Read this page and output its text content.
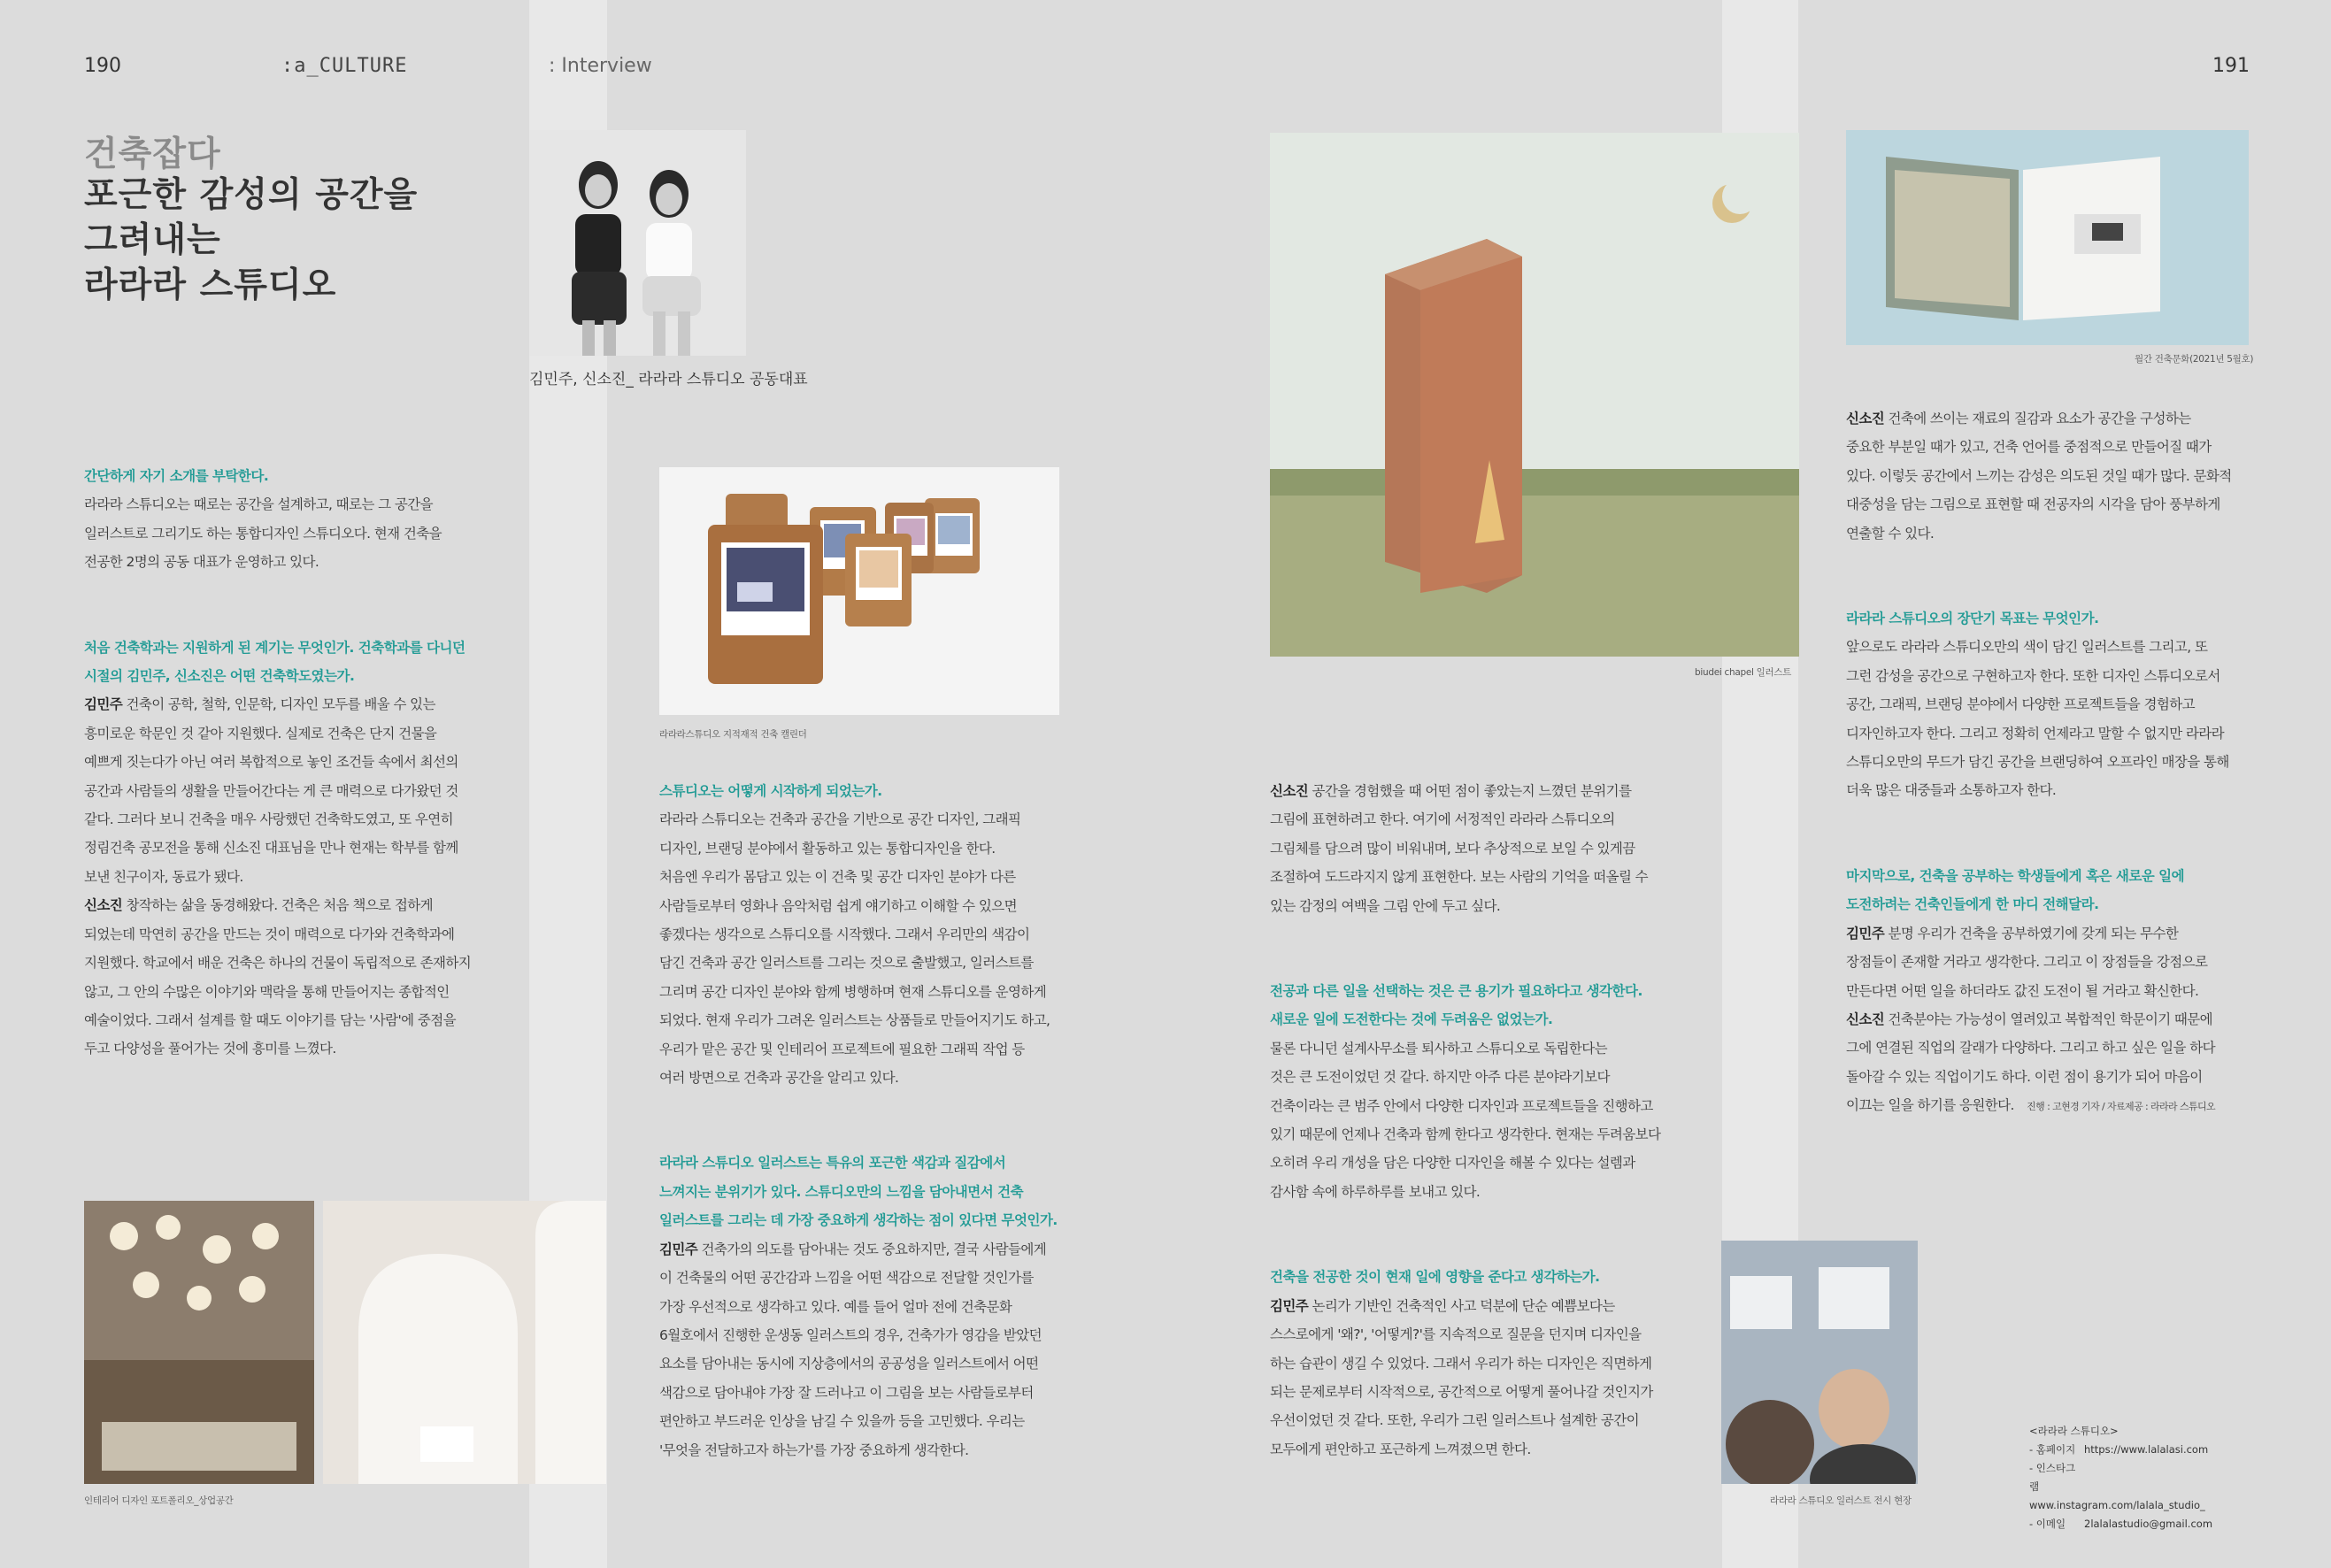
190	:a_CULTURE	: Interview	191
건축잡다
포근한 감성의 공간을
그려내는
라라라 스튜디오
김민주, 신소진_ 라라라 스튜디오 공동대표
라라라스튜디오 지적재적 건축 캘린더
biudei chapel 일러스트
월간 건축문화(2021년 5월호)
인테리어 디자인 포트폴리오_상업공간	라라라 스튜디오 일러스트 전시 현장
간단하게 자기 소개를 부탁한다.
라라라 스튜디오는 때로는 공간을 설계하고, 때로는 그 공간을
일러스트로 그리기도 하는 통합디자인 스튜디오다. 현재 건축을
전공한 2명의 공동 대표가 운영하고 있다.
처음 건축학과는 지원하게 된 계기는 무엇인가. 건축학과를 다니던
시절의 김민주, 신소진은 어떤 건축학도였는가.
김민주 건축이 공학, 철학, 인문학, 디자인 모두를 배울 수 있는
흥미로운 학문인 것 같아 지원했다. 실제로 건축은 단지 건물을
예쁘게 짓는다가 아닌 여러 복합적으로 놓인 조건들 속에서 최선의
공간과 사람들의 생활을 만들어간다는 게 큰 매력으로 다가왔던 것
같다. 그러다 보니 건축을 매우 사랑했던 건축학도였고, 또 우연히
정림건축 공모전을 통해 신소진 대표님을 만나 현재는 학부를 함께
보낸 친구이자, 동료가 됐다.
신소진 창작하는 삶을 동경해왔다. 건축은 처음 책으로 접하게
되었는데 막연히 공간을 만드는 것이 매력으로 다가와 건축학과에
지원했다. 학교에서 배운 건축은 하나의 건물이 독립적으로 존재하지
않고, 그 안의 수많은 이야기와 맥락을 통해 만들어지는 종합적인
예술이었다. 그래서 설계를 할 때도 이야기를 담는 '사람'에 중점을
두고 다양성을 풀어가는 것에 흥미를 느꼈다.
스튜디오는 어떻게 시작하게 되었는가.
라라라 스튜디오는 건축과 공간을 기반으로 공간 디자인, 그래픽
디자인, 브랜딩 분야에서 활동하고 있는 통합디자인을 한다.
처음엔 우리가 몸담고 있는 이 건축 및 공간 디자인 분야가 다른
사람들로부터 영화나 음악처럼 쉽게 얘기하고 이해할 수 있으면
좋겠다는 생각으로 스튜디오를 시작했다. 그래서 우리만의 색감이
담긴 건축과 공간 일러스트를 그리는 것으로 출발했고, 일러스트를
그리며 공간 디자인 분야와 함께 병행하며 현재 스튜디오를 운영하게
되었다. 현재 우리가 그려온 일러스트는 상품들로 만들어지기도 하고,
우리가 맡은 공간 및 인테리어 프로젝트에 필요한 그래픽 작업 등
여러 방면으로 건축과 공간을 알리고 있다.
라라라 스튜디오 일러스트는 특유의 포근한 색감과 질감에서
느껴지는 분위기가 있다. 스튜디오만의 느낌을 담아내면서 건축
일러스트를 그리는 데 가장 중요하게 생각하는 점이 있다면 무엇인가.
김민주 건축가의 의도를 담아내는 것도 중요하지만, 결국 사람들에게
이 건축물의 어떤 공간감과 느낌을 어떤 색감으로 전달할 것인가를
가장 우선적으로 생각하고 있다. 예를 들어 얼마 전에 건축문화
6월호에서 진행한 운생동 일러스트의 경우, 건축가가 영감을 받았던
요소를 담아내는 동시에 지상층에서의 공공성을 일러스트에서 어떤
색감으로 담아내야 가장 잘 드러나고 이 그림을 보는 사람들로부터
편안하고 부드러운 인상을 남길 수 있을까 등을 고민했다. 우리는
'무엇을 전달하고자 하는가'를 가장 중요하게 생각한다.
신소진 공간을 경험했을 때 어떤 점이 좋았는지 느꼈던 분위기를
그림에 표현하려고 한다. 여기에 서정적인 라라라 스튜디오의
그림체를 담으려 많이 비워내며, 보다 추상적으로 보일 수 있게끔
조절하여 도드라지지 않게 표현한다. 보는 사람의 기억을 떠올릴 수
있는 감정의 여백을 그림 안에 두고 싶다.
전공과 다른 일을 선택하는 것은 큰 용기가 필요하다고 생각한다.
새로운 일에 도전한다는 것에 두려움은 없었는가.
물론 다니던 설계사무소를 퇴사하고 스튜디오로 독립한다는
것은 큰 도전이었던 것 같다. 하지만 아주 다른 분야라기보다
건축이라는 큰 범주 안에서 다양한 디자인과 프로젝트들을 진행하고
있기 때문에 언제나 건축과 함께 한다고 생각한다. 현재는 두려움보다
오히려 우리 개성을 담은 다양한 디자인을 해볼 수 있다는 설렘과
감사함 속에 하루하루를 보내고 있다.
건축을 전공한 것이 현재 일에 영향을 준다고 생각하는가.
김민주 논리가 기반인 건축적인 사고 덕분에 단순 예쁨보다는
스스로에게 '왜?', '어떻게?'를 지속적으로 질문을 던지며 디자인을
하는 습관이 생길 수 있었다. 그래서 우리가 하는 디자인은 직면하게
되는 문제로부터 시작적으로, 공간적으로 어떻게 풀어나갈 것인지가
우선이었던 것 같다. 또한, 우리가 그린 일러스트나 설계한 공간이
모두에게 편안하고 포근하게 느껴졌으면 한다.
신소진 건축에 쓰이는 재료의 질감과 요소가 공간을 구성하는
중요한 부분일 때가 있고, 건축 언어를 중점적으로 만들어질 때가
있다. 이렇듯 공간에서 느끼는 감성은 의도된 것일 때가 많다. 문화적
대중성을 담는 그림으로 표현할 때 전공자의 시각을 담아 풍부하게
연출할 수 있다.
라라라 스튜디오의 장단기 목표는 무엇인가.
앞으로도 라라라 스튜디오만의 색이 담긴 일러스트를 그리고, 또
그런 감성을 공간으로 구현하고자 한다. 또한 디자인 스튜디오로서
공간, 그래픽, 브랜딩 분야에서 다양한 프로젝트들을 경험하고
디자인하고자 한다. 그리고 정확히 언제라고 말할 수 없지만 라라라
스튜디오만의 무드가 담긴 공간을 브랜딩하여 오프라인 매장을 통해
더욱 많은 대중들과 소통하고자 한다.
마지막으로, 건축을 공부하는 학생들에게 혹은 새로운 일에
도전하려는 건축인들에게 한 마디 전해달라.
김민주 분명 우리가 건축을 공부하였기에 갖게 되는 무수한
장점들이 존재할 거라고 생각한다. 그리고 이 장점들을 강점으로
만든다면 어떤 일을 하더라도 값진 도전이 될 거라고 확신한다.
신소진 건축분야는 가능성이 열려있고 복합적인 학문이기 때문에
그에 연결된 직업의 갈래가 다양하다. 그리고 하고 싶은 일을 하다
돌아갈 수 있는 직업이기도 하다. 이런 점이 용기가 되어 마음이
이끄는 일을 하기를 응원한다. 진행 : 고현경 기자 / 자료제공 : 라라라 스튜디오
<라라라 스튜디오>
- 홈페이지 https://www.lalalasi.com
- 인스타그램www.instagram.com/lalala_studio_
- 이메일 2lalalastudio@gmail.com
